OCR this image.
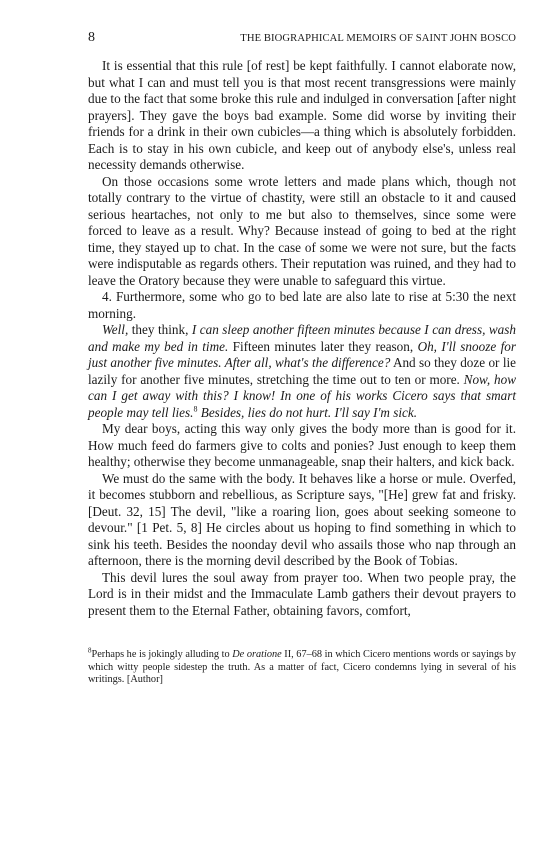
8	THE BIOGRAPHICAL MEMOIRS OF SAINT JOHN BOSCO

It is essential that this rule [of rest] be kept faithfully. I cannot elaborate now, but what I can and must tell you is that most recent transgressions were mainly due to the fact that some broke this rule and indulged in conversation [after night prayers]. They gave the boys bad example. Some did worse by inviting their friends for a drink in their own cubicles—a thing which is absolutely forbidden. Each is to stay in his own cubicle, and keep out of anybody else's, unless real necessity demands otherwise.

On those occasions some wrote letters and made plans which, though not totally contrary to the virtue of chastity, were still an obstacle to it and caused serious heartaches, not only to me but also to themselves, since some were forced to leave as a result. Why? Because instead of going to bed at the right time, they stayed up to chat. In the case of some we were not sure, but the facts were indisputable as regards others. Their reputation was ruined, and they had to leave the Oratory because they were unable to safeguard this virtue.

4. Furthermore, some who go to bed late are also late to rise at 5:30 the next morning.

Well, they think, I can sleep another fifteen minutes because I can dress, wash and make my bed in time. Fifteen minutes later they reason, Oh, I'll snooze for just another five minutes. After all, what's the difference? And so they doze or lie lazily for another five minutes, stretching the time out to ten or more. Now, how can I get away with this? I know! In one of his works Cicero says that smart people may tell lies.$^8$ Besides, lies do not hurt. I'll say I'm sick.

My dear boys, acting this way only gives the body more than is good for it. How much feed do farmers give to colts and ponies? Just enough to keep them healthy; otherwise they become unmanageable, snap their halters, and kick back.

We must do the same with the body. It behaves like a horse or mule. Overfed, it becomes stubborn and rebellious, as Scripture says, "[He] grew fat and frisky. [Deut. 32, 15] The devil, "like a roaring lion, goes about seeking someone to devour." [1 Pet. 5, 8] He circles about us hoping to find something in which to sink his teeth. Besides the noonday devil who assails those who nap through an afternoon, there is the morning devil described by the Book of Tobias.

This devil lures the soul away from prayer too. When two people pray, the Lord is in their midst and the Immaculate Lamb gathers their devout prayers to present them to the Eternal Father, obtaining favors, comfort,

$^8$Perhaps he is jokingly alluding to De oratione II, 67–68 in which Cicero mentions words or sayings by which witty people sidestep the truth. As a matter of fact, Cicero condemns lying in several of his writings. [Author]
